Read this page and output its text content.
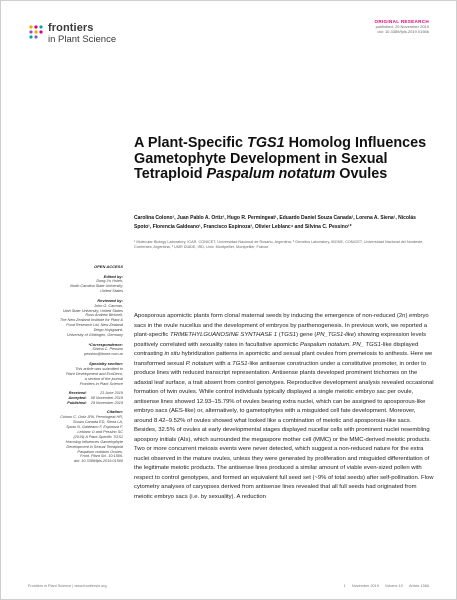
frontiers
in Plant Science
ORIGINAL RESEARCH
published: 29 November 2019
doi: 10.3389/fpls.2019.01566
A Plant-Specific TGS1 Homolog Influences Gametophyte Development in Sexual Tetraploid Paspalum notatum Ovules
Carolina Colono¹, Juan Pablo A. Ortiz¹, Hugo R. Permingeat¹, Eduardo Daniel Souza Canada², Lorena A. Siena¹, Nicolás Spoto¹, Florencia Galdeano¹, Francisco Espinoza³, Olivier Leblanc⁴ and Silvina C. Pessino¹*
¹ Molecular Biology Laboratory, ICAR, CONICET, Universidad Nacional de Rosario, Argentina, ² Genetics Laboratory, IBONE, CONICET, Universidad Nacional del Nordeste, Corrientes, Argentina, ³ UMR DIADE, IRD, Univ. Montpellier, Montpellier, France
OPEN ACCESS
Edited by:
Dong-Yu Hsieh,
North Carolina State University,
United States
Reviewed by:
John G. Carman,
Utah State University, United States
Ross Andrew Bicknell,
The New Zealand Institute for Plant &
Food Research Ltd, New Zealand
Diego Hojsgaard,
University of Göttingen, Germany
*Correspondence:
Silvina C. Pessino
pessino@ibone.com.ar
Specialty section:
This article was submitted to
Plant Development and EvoDevo,
a section of the journal
Frontiers in Plant Science
Received:	23 June 2019
Accepted: 08 November 2019
Published: 29 November 2019
Citation:
Colono C, Ortiz JPA, Permingeat HR,
Souza Canada ED, Siena LA,
Spoto N, Galdeano F, Espinoza F,
Leblanc O and Pessino SC
(2019) A Plant-Specific TGS1
Homolog Influences Gametophyte
Development in Sexual Tetraploid
Paspalum notatum Ovules.
Front. Plant Sci. 10:1566.
doi: 10.3389/fpls.2019.01566

Aposporous apomictic plants form clonal maternal seeds by inducing the emergence of non-reduced (2n) embryo sacs in the ovule nucellus and the development of embryos by parthenogenesis. In previous work, we reported a plant-specific TRIMETHYLGUANOSINE SYNTHASE 1 (TGS1) gene (PN_TGS1-like) showing expression levels positively correlated with sexuality rates in facultative apomictic Paspalum notatum. PN_ TGS1-like displayed contrasting in situ hybridization patterns in apomictic and sexual plant ovules from premeiosis to anthesis. Here we transformed sexual P. notatum with a TGS1-like antisense construction under a constitutive promoter, in order to produce lines with reduced transcript representation. Antisense plants developed prominent trichomes on the adaxial leaf surface, a trait absent from control genotypes. Reproductive development analysis revealed occasional formation of twin ovules. While control individuals typically displayed a single meiotic embryo sac per ovule, antisense lines showed 12.93–15.79% of ovules bearing extra nuclei, which can be assigned to aposporous-like embryo sacs (AES-like) or, alternatively, to gametophytes with a misguided cell fate development. Moreover, around 8.42–9.52% of ovules showed what looked like a combination of meiotic and aposporous-like sacs. Besides, 32.5% of ovules at early developmental stages displayed nucellar cells with prominent nuclei resembling apospory initials (AIs), which surrounded the megaspore mother cell (MMC) or the MMC-derived meiotic products. Two or more concurrent meiosis events were never detected, which suggest a non-reduced nature for the extra nuclei observed in the mature ovules, unless they were generated by proliferation and misguided differentiation of the legitimate meiotic products. The antisense lines produced a similar amount of viable even-sized pollen with respect to control genotypes, and formed an equivalent full seed set (~9% of total seeds) after self-pollination. Flow cytometry analyses of caryopses derived from antisense lines revealed that all full seeds had originated from meiotic embryo sacs (i.e. by sexuality). A reduction

Frontiers in Plant Science | www.frontiersin.org	1 November 2019 Volume 10 Article 1566
